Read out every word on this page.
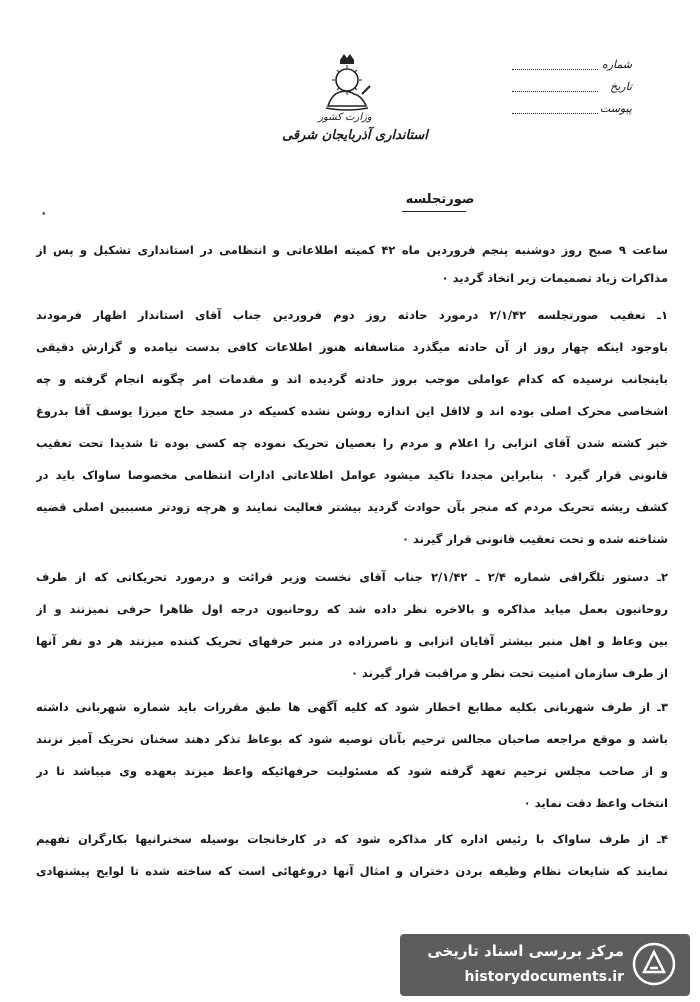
شماره
تاریخ
پیوست
وزارت کشور
استانداری آذربایجان شرقی
صورتجلسه
۰
ساعت ۹ صبح روز دوشنبه پنجم فروردین ماه ۴۲ کمیته اطلاعاتی و انتظامی در استانداری تشکیل و پس از
مذاکرات زیاد تصمیمات زیر اتخاذ گردید ۰
۱ـ تعقیب صورتجلسه ۲/۱/۴۲ درمورد حادثه روز دوم فروردین جناب آقای استاندار اظهار فرمودند
باوجود اینکه چهار روز از آن حادثه میگذرد متاسفانه هنوز اطلاعات کافی بدست نیامده و گزارش دقیقی
باینجانب نرسیده که کدام عواملی موجب بروز حادثه گردیده اند و مقدمات امر چگونه انجام گرفته و چه
اشخاصی محرک اصلی بوده اند و لااقل این اندازه روشن نشده کسیکه در مسجد حاج میرزا یوسف آقا بدروغ
خبر کشته شدن آقای انزابی را اعلام و مردم را بعصیان تحریک نموده چه کسی بوده تا شدیدا تحت تعقیب
قانونی قرار گیرد ۰ بنابراین مجددا تاکید میشود عوامل اطلاعاتی ادارات انتظامی مخصوصا ساواک باید در
کشف ریشه تحریک مردم که منجر بآن حوادث گردید بیشتر فعالیت نمایند و هرچه زودتر مسببین اصلی قضیه
شناخته شده و تحت تعقیب قانونی قرار گیرند ۰
۲ـ دستور تلگرافی شماره ۲/۴ ـ ۲/۱/۴۲ جناب آقای نخست وزیر قرائت و درمورد تحریکاتی که از طرف
روحانیون بعمل میاید مذاکره و بالاخره نظر داده شد که روحانیون درجه اول ظاهرا حرفی نمیزنند و از
بین وعاظ و اهل منبر بیشتر آقایان انزابی و ناصرزاده در منبر حرفهای تحریک کننده میزنند هر دو نفر آنها
از طرف سازمان امنیت تحت نظر و مراقبت قرار گیرند ۰
۳ـ از طرف شهربانی بکلیه مطابع اخطار شود که کلیه آگهی ها طبق مقررات باید شماره شهربانی داشته
باشد و موقع مراجعه صاحبان مجالس ترحیم بآنان توصیه شود که بوعاظ تذکر دهند سخنان تحریک آمیز نزنند
و از صاحب مجلس ترحیم تعهد گرفته شود که مسئولیت حرفهائیکه واعظ میزند بعهده وی میباشد تا در
انتخاب واعظ دقت نماید ۰
۴ـ از طرف ساواک با رئیس اداره کار مذاکره شود که در کارخانجات بوسیله سخنرانیها بکارگران تفهیم
نمایند که شایعات نظام وظیفه بردن دختران و امثال آنها دروغهائی است که ساخته شده تا لوایح پیشنهادی
مرکز بررسی اسناد تاریخی
historydocuments.ir
